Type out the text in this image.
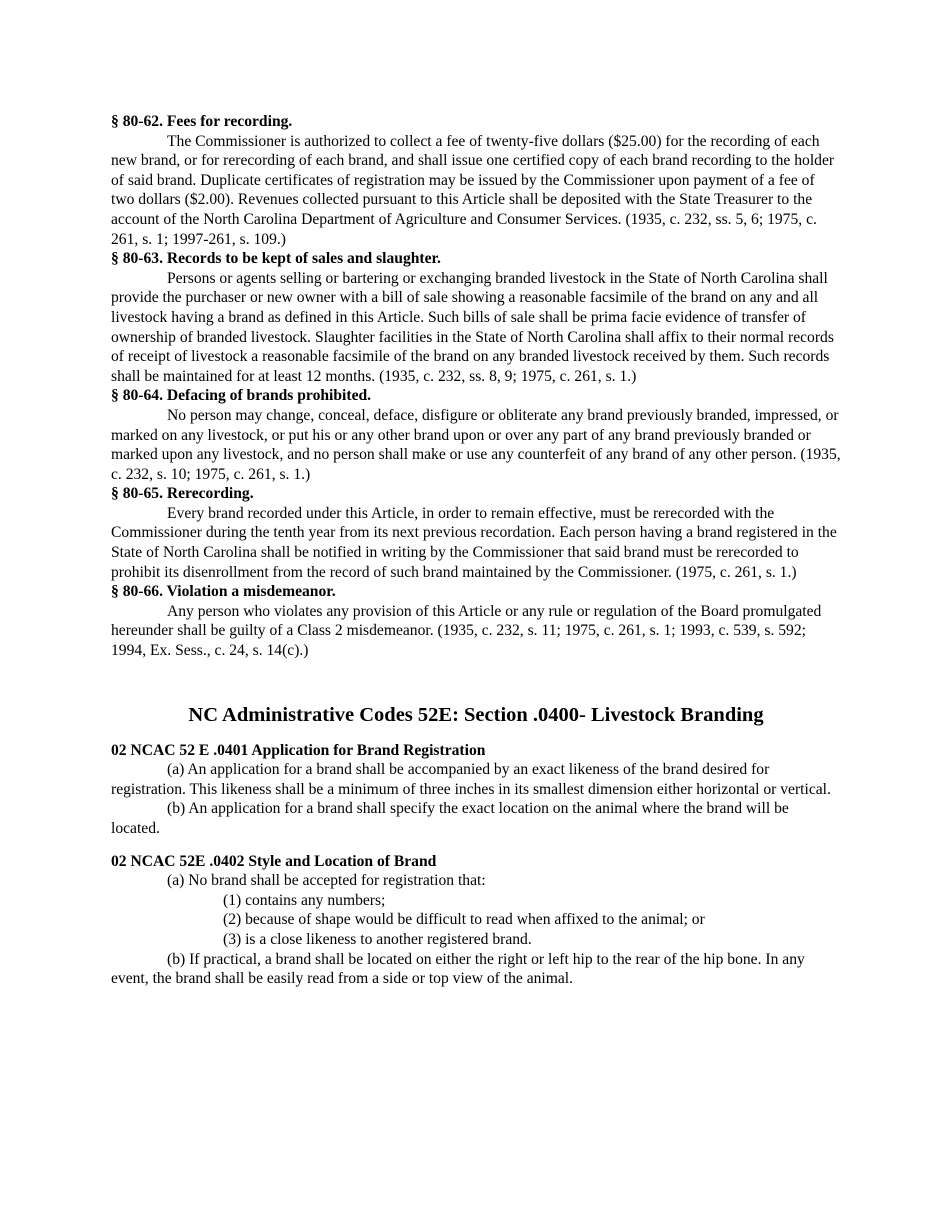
§ 80-62. Fees for recording.

The Commissioner is authorized to collect a fee of twenty-five dollars ($25.00) for the recording of each new brand, or for rerecording of each brand, and shall issue one certified copy of each brand recording to the holder of said brand. Duplicate certificates of registration may be issued by the Commissioner upon payment of a fee of two dollars ($2.00). Revenues collected pursuant to this Article shall be deposited with the State Treasurer to the account of the North Carolina Department of Agriculture and Consumer Services. (1935, c. 232, ss. 5, 6; 1975, c. 261, s. 1; 1997-261, s. 109.)

§ 80-63. Records to be kept of sales and slaughter.

Persons or agents selling or bartering or exchanging branded livestock in the State of North Carolina shall provide the purchaser or new owner with a bill of sale showing a reasonable facsimile of the brand on any and all livestock having a brand as defined in this Article. Such bills of sale shall be prima facie evidence of transfer of ownership of branded livestock. Slaughter facilities in the State of North Carolina shall affix to their normal records of receipt of livestock a reasonable facsimile of the brand on any branded livestock received by them. Such records shall be maintained for at least 12 months. (1935, c. 232, ss. 8, 9; 1975, c. 261, s. 1.)

§ 80-64. Defacing of brands prohibited.

No person may change, conceal, deface, disfigure or obliterate any brand previously branded, impressed, or marked on any livestock, or put his or any other brand upon or over any part of any brand previously branded or marked upon any livestock, and no person shall make or use any counterfeit of any brand of any other person. (1935, c. 232, s. 10; 1975, c. 261, s. 1.)

§ 80-65. Rerecording.

Every brand recorded under this Article, in order to remain effective, must be rerecorded with the Commissioner during the tenth year from its next previous recordation. Each person having a brand registered in the State of North Carolina shall be notified in writing by the Commissioner that said brand must be rerecorded to prohibit its disenrollment from the record of such brand maintained by the Commissioner. (1975, c. 261, s. 1.)

§ 80-66. Violation a misdemeanor.

Any person who violates any provision of this Article or any rule or regulation of the Board promulgated hereunder shall be guilty of a Class 2 misdemeanor. (1935, c. 232, s. 11; 1975, c. 261, s. 1; 1993, c. 539, s. 592; 1994, Ex. Sess., c. 24, s. 14(c).)

NC Administrative Codes 52E: Section .0400- Livestock Branding

02 NCAC 52 E .0401 Application for Brand Registration

(a) An application for a brand shall be accompanied by an exact likeness of the brand desired for registration. This likeness shall be a minimum of three inches in its smallest dimension either horizontal or vertical.

(b) An application for a brand shall specify the exact location on the animal where the brand will be located.

02 NCAC 52E .0402 Style and Location of Brand

(a) No brand shall be accepted for registration that:

(1) contains any numbers;

(2) because of shape would be difficult to read when affixed to the animal; or

(3) is a close likeness to another registered brand.

(b) If practical, a brand shall be located on either the right or left hip to the rear of the hip bone. In any event, the brand shall be easily read from a side or top view of the animal.
